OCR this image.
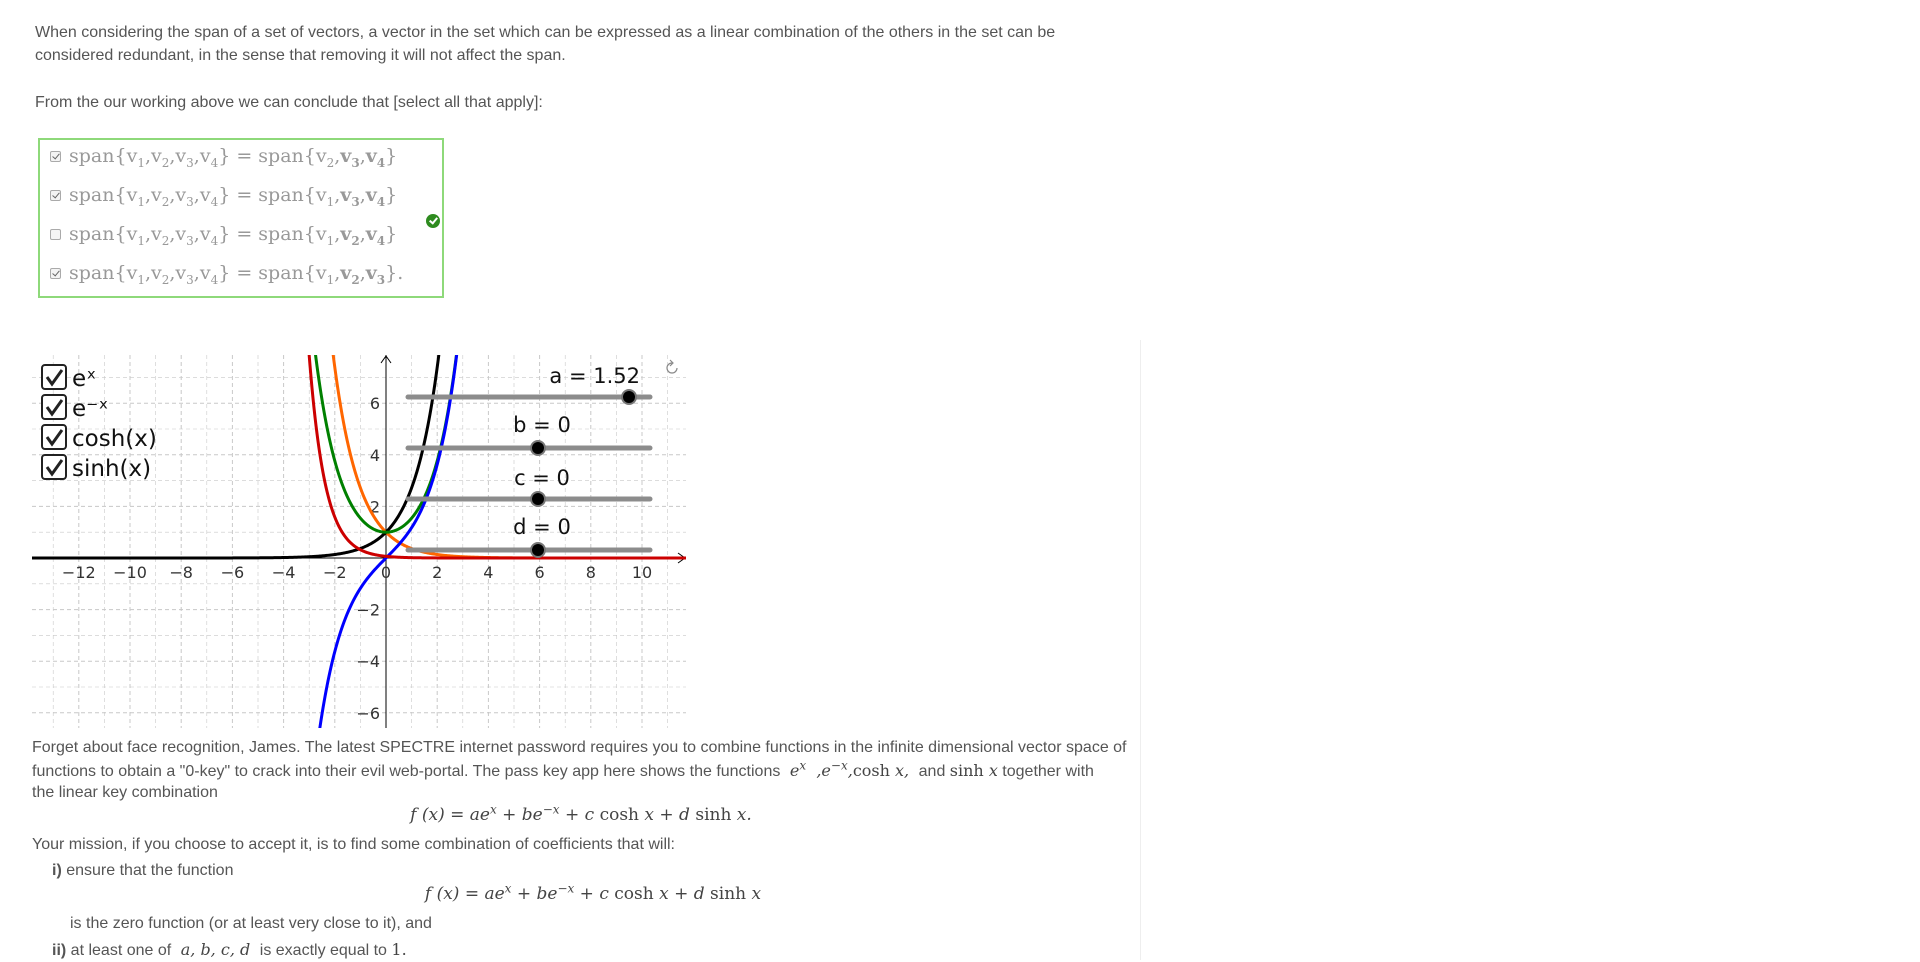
When considering the span of a set of vectors, a vector in the set which can be expressed as a linear combination of the others in the set can be

considered redundant, in the sense that removing it will not affect the span.

From the our working above we can conclude that [select all that apply]:

$span\{v_1,v_2,v_3,v_4\}$ = $span\{v_2,v_3,v_4\}$
$span\{v_1,v_2,v_3,v_4\}$ = $span\{v_1,v_3,v_4\}$
$span\{v_1,v_2,v_3,v_4\}$ = $span\{v_1,v_2,v_4\}$
$span\{v_1,v_2,v_3,v_4\}$ = $span\{v_1,v_2,v_3\}$.
−12 −10 −8 −6 −4 −2 0	2	4	6	8 10
6
4
2
−2
−4
−6
a = 1.52
b = 0
c = 0
d = 0
eˣ
e⁻ˣ
cosh(x)
sinh(x)

Forget about face recognition, James. The latest SPECTRE internet password requires you to combine functions in the infinite dimensional vector space of

functions to obtain a "0-key" to crack into their evil web-portal. The pass key app here shows the functions  $e^x$  $,e^{-x},\cosh$ x,  and sinh x together with

the linear key combination

f $(x) = ae^x + be^{-x} + c$ cosh x + d sinh x.

Your mission, if you choose to accept it, is to find some combination of coefficients that will:

i) ensure that the function

f $(x) = ae^x + be^{-x} + c$ cosh x + d sinh x

is the zero function (or at least very close to it), and

ii) at least one of  a, b, c, d  is exactly equal to 1.
